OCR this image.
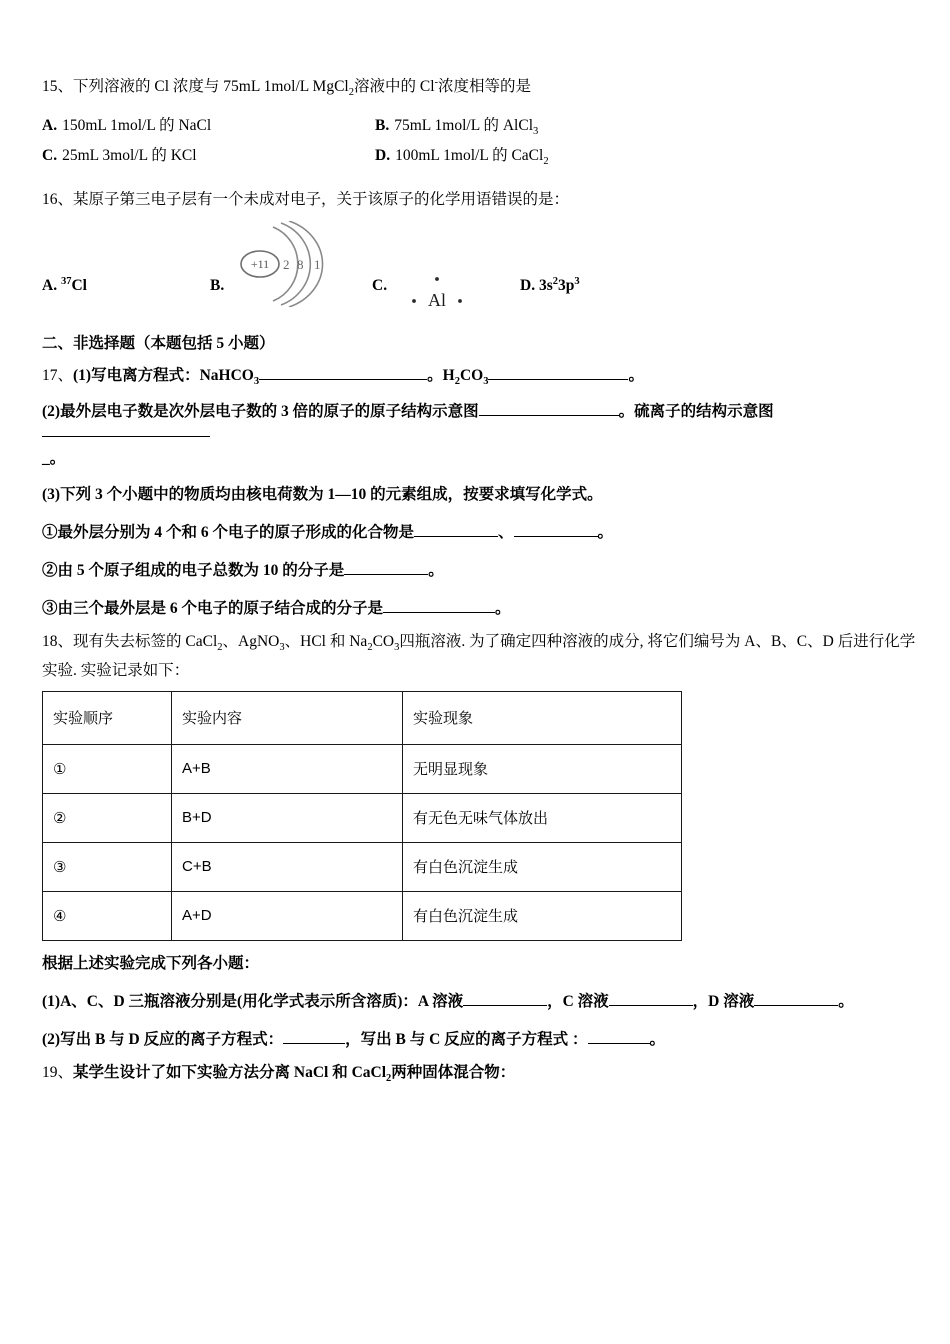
15、下列溶液的 Cl 浓度与 75mL 1mol/L MgCl$_2$溶液中的 Cl-浓度相等的是
A. 150mL 1mol/L 的 NaCl	B. 75mL 1mol/L 的 AlCl$_3$
C. 25mL 3mol/L 的 KCl	D. 100mL 1mol/L 的 CaCl$_2$
16、某原子第三电子层有一个未成对电子，关于该原子的化学用语错误的是：
A. $^{37}$Cl	B.
+11 2 8 1
C.
Al
D. $3s^23p^3$
二、非选择题（本题包括 5 小题）
17、(1)写电离方程式：NaHCO$_3$	。$H_2CO_3$	。
(2)最外层电子数是次外层电子数的 3 倍的原子的原子结构示意图	。硫离子的结构示意图
_。
(3)下列 3 个小题中的物质均由核电荷数为 1—10 的元素组成，按要求填写化学式。
①最外层分别为 4 个和 6 个电子的原子形成的化合物是	、	。
②由 5 个原子组成的电子总数为 10 的分子是	。
③由三个最外层是 6 个电子的原子结合成的分子是	。
18、现有失去标签的 CaCl$_2$、AgNO$_3$、HCl 和 $Na_2CO_3$四瓶溶液. 为了确定四种溶液的成分, 将它们编号为 A、B、C、D 后进行化学
实验. 实验记录如下：
实验顺序	实验内容	实验现象
①	A+B	无明显现象
②	B+D	有无色无味气体放出
③	C+B	有白色沉淀生成
④	A+D	有白色沉淀生成
根据上述实验完成下列各小题：
(1)A、C、D 三瓶溶液分别是(用化学式表示所含溶质)：A 溶液	，C 溶液	，D 溶液	。
(2)写出 B 与 D 反应的离子方程式：	，写出 B 与 C 反应的离子方程式 ：	。
19、某学生设计了如下实验方法分离 NaCl 和 CaCl$_2$两种固体混合物：
